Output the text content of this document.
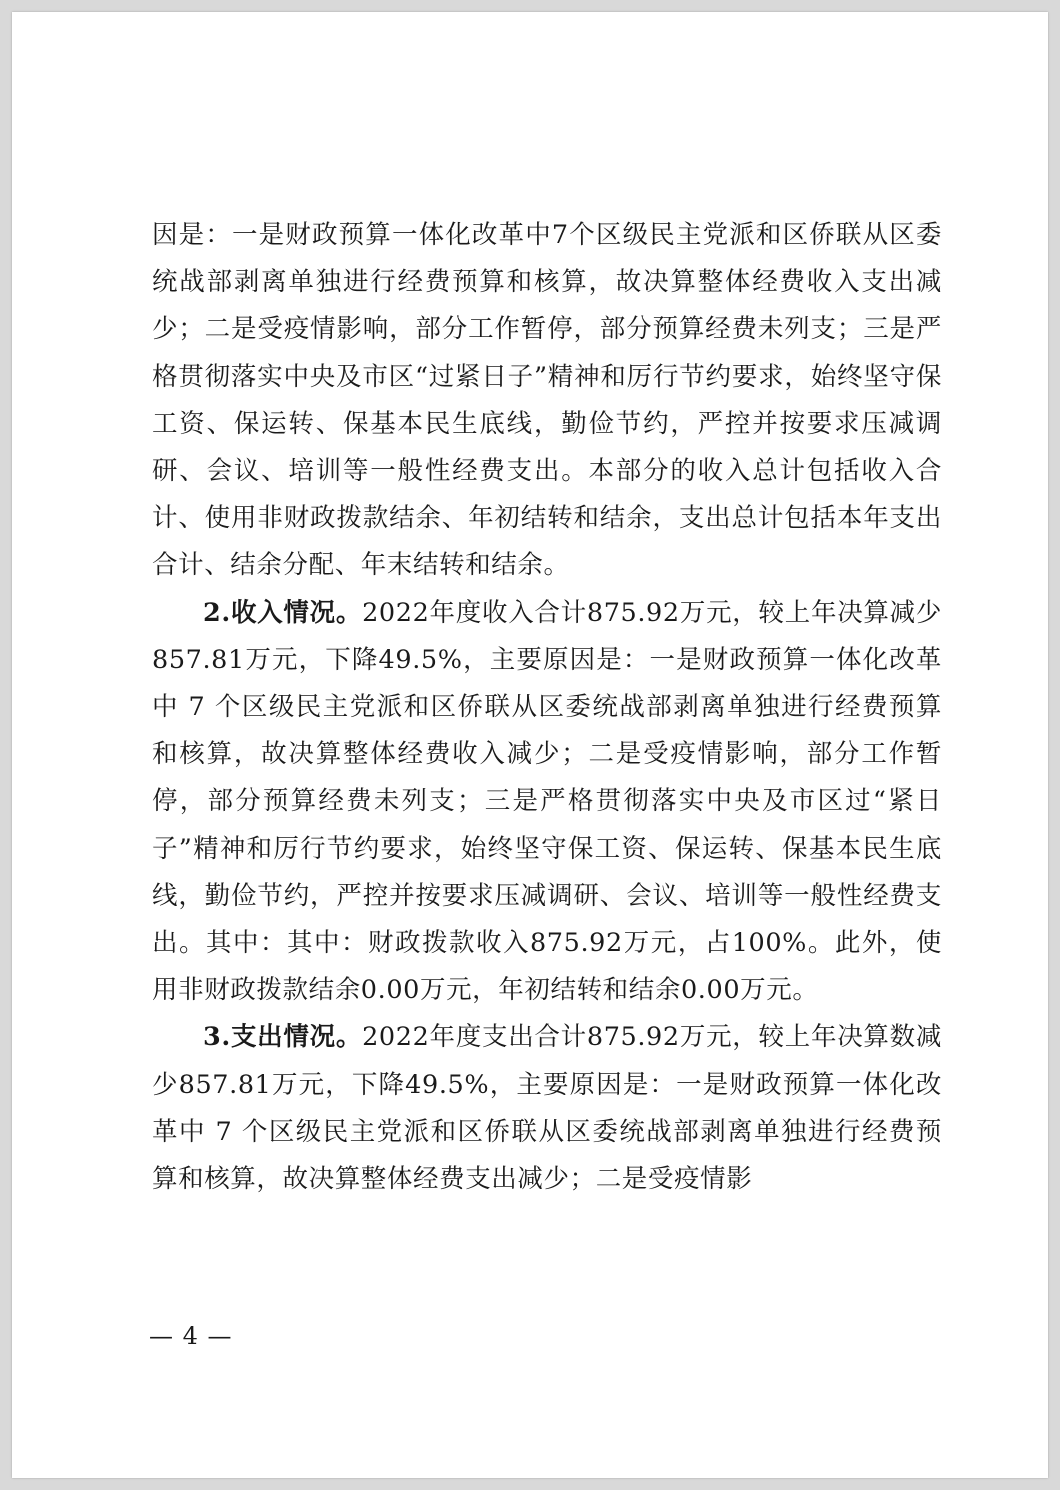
因是：一是财政预算一体化改革中7个区级民主党派和区侨联从区委统战部剥离单独进行经费预算和核算，故决算整体经费收入支出减少；二是受疫情影响，部分工作暂停，部分预算经费未列支；三是严格贯彻落实中央及市区“过紧日子”精神和厉行节约要求，始终坚守保工资、保运转、保基本民生底线，勤俭节约，严控并按要求压减调研、会议、培训等一般性经费支出。本部分的收入总计包括收入合计、使用非财政拨款结余、年初结转和结余，支出总计包括本年支出合计、结余分配、年末结转和结余。

2.收入情况。2022年度收入合计875.92万元，较上年决算减少857.81万元，下降49.5%，主要原因是：一是财政预算一体化改革中 7 个区级民主党派和区侨联从区委统战部剥离单独进行经费预算和核算，故决算整体经费收入减少；二是受疫情影响，部分工作暂停，部分预算经费未列支；三是严格贯彻落实中央及市区过“紧日子”精神和厉行节约要求，始终坚守保工资、保运转、保基本民生底线，勤俭节约，严控并按要求压减调研、会议、培训等一般性经费支出。其中：其中：财政拨款收入875.92万元，占100%。此外，使用非财政拨款结余0.00万元，年初结转和结余0.00万元。

3.支出情况。2022年度支出合计875.92万元，较上年决算数减少857.81万元，下降49.5%，主要原因是：一是财政预算一体化改革中 7 个区级民主党派和区侨联从区委统战部剥离单独进行经费预算和核算，故决算整体经费支出减少；二是受疫情影

— 4 —
